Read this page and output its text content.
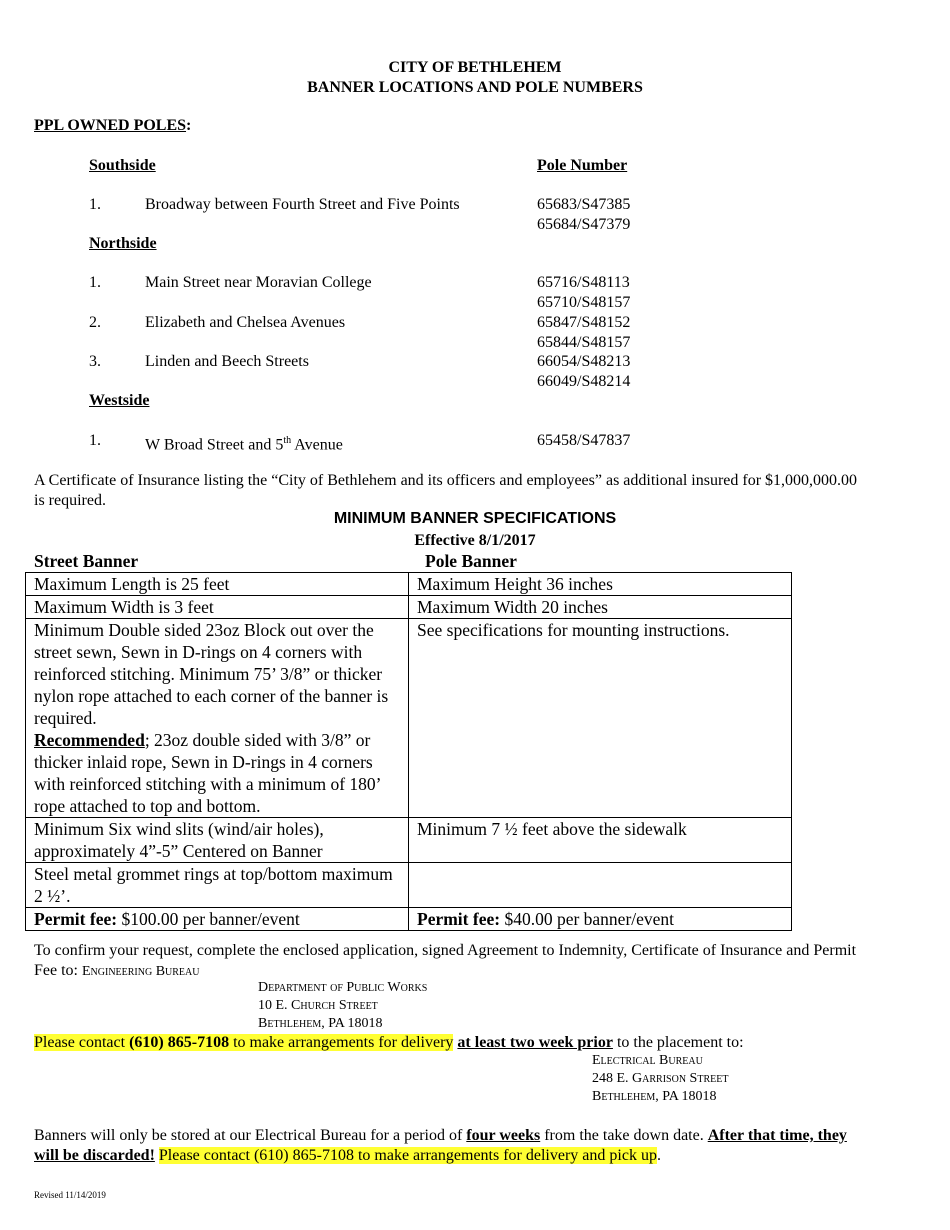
CITY OF BETHLEHEM
BANNER LOCATIONS AND POLE NUMBERS
PPL OWNED POLES:
Southside	Pole Number
1.	Broadway between Fourth Street and Five Points	65683/S47385
65684/S47379
Northside
1.	Main Street near Moravian College	65716/S48113
65710/S48157
2.	Elizabeth and Chelsea Avenues	65847/S48152
65844/S48157
3.	Linden and Beech Streets	66054/S48213
66049/S48214
Westside
1.	W Broad Street and 5th Avenue	65458/S47837
A Certificate of Insurance listing the “City of Bethlehem and its officers and employees” as additional insured for $1,000,000.00
is required.
MINIMUM BANNER SPECIFICATIONS
Effective 8/1/2017
Street Banner	Pole Banner
Maximum Length is 25 feet	Maximum Height 36 inches
Maximum Width is 3 feet	Maximum Width 20 inches
Minimum Double sided 23oz Block out over the street sewn, Sewn in D-rings on 4 corners with reinforced stitching. Minimum 75’ 3/8” or thicker nylon rope attached to each corner of the banner is required.
Recommended; 23oz double sided with 3/8” or thicker inlaid rope, Sewn in D-rings in 4 corners with reinforced stitching with a minimum of 180’ rope attached to top and bottom.	See specifications for mounting instructions.
Minimum Six wind slits (wind/air holes), approximately 4”-5” Centered on Banner	Minimum 7 ½ feet above the sidewalk
Steel metal grommet rings at top/bottom maximum 2 ½’.	
Permit fee: $100.00 per banner/event	Permit fee: $40.00 per banner/event
To confirm your request, complete the enclosed application, signed Agreement to Indemnity, Certificate of Insurance and Permit
Fee to: Engineering Bureau
Department of Public Works
10 E. Church Street
Bethlehem, PA 18018
Please contact (610) 865-7108 to make arrangements for delivery at least two week prior to the placement to:
Electrical Bureau
248 E. Garrison Street
Bethlehem, PA 18018
Banners will only be stored at our Electrical Bureau for a period of four weeks from the take down date. After that time, they
will be discarded! Please contact (610) 865-7108 to make arrangements for delivery and pick up.
Revised 11/14/2019
